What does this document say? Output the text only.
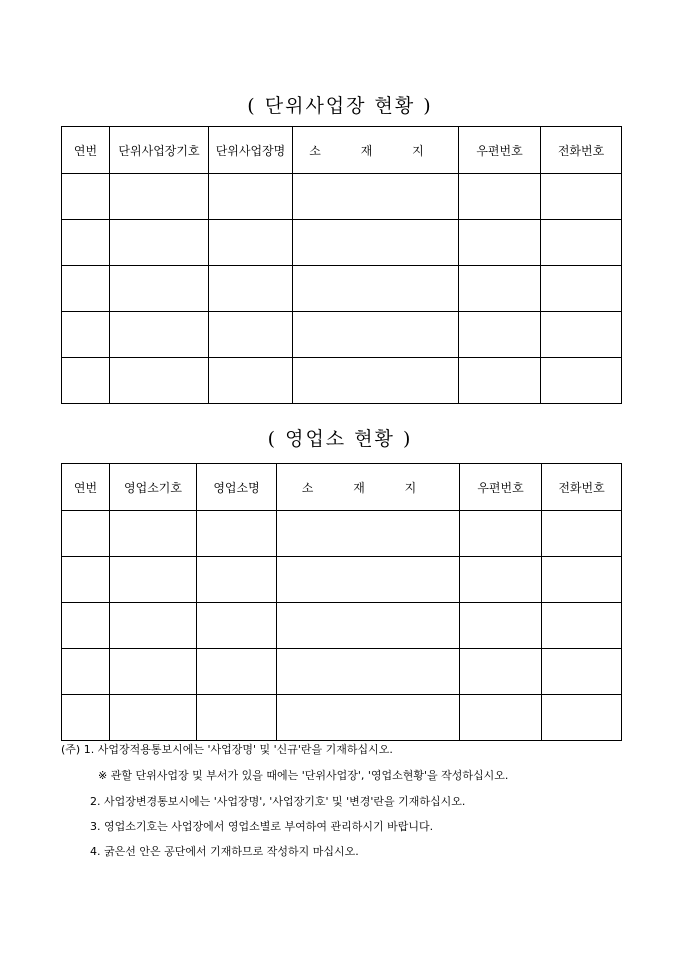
( 단위사업장 현황 )
연번	단위사업장기호	단위사업장명	소 재 지	우편번호	전화번호

( 영업소 현황 )
연번	영업소기호	영업소명	소 재 지	우편번호	전화번호

(주) 1. 사업장적용통보시에는 '사업장명' 및 '신규'란을 기재하십시오.
※ 관할 단위사업장 및 부서가 있을 때에는 '단위사업장', '영업소현황'을 작성하십시오.
2. 사업장변경통보시에는 '사업장명', '사업장기호' 및 '변경'란을 기재하십시오.
3. 영업소기호는 사업장에서 영업소별로 부여하여 관리하시기 바랍니다.
4. 굵은선 안은 공단에서 기재하므로 작성하지 마십시오.
